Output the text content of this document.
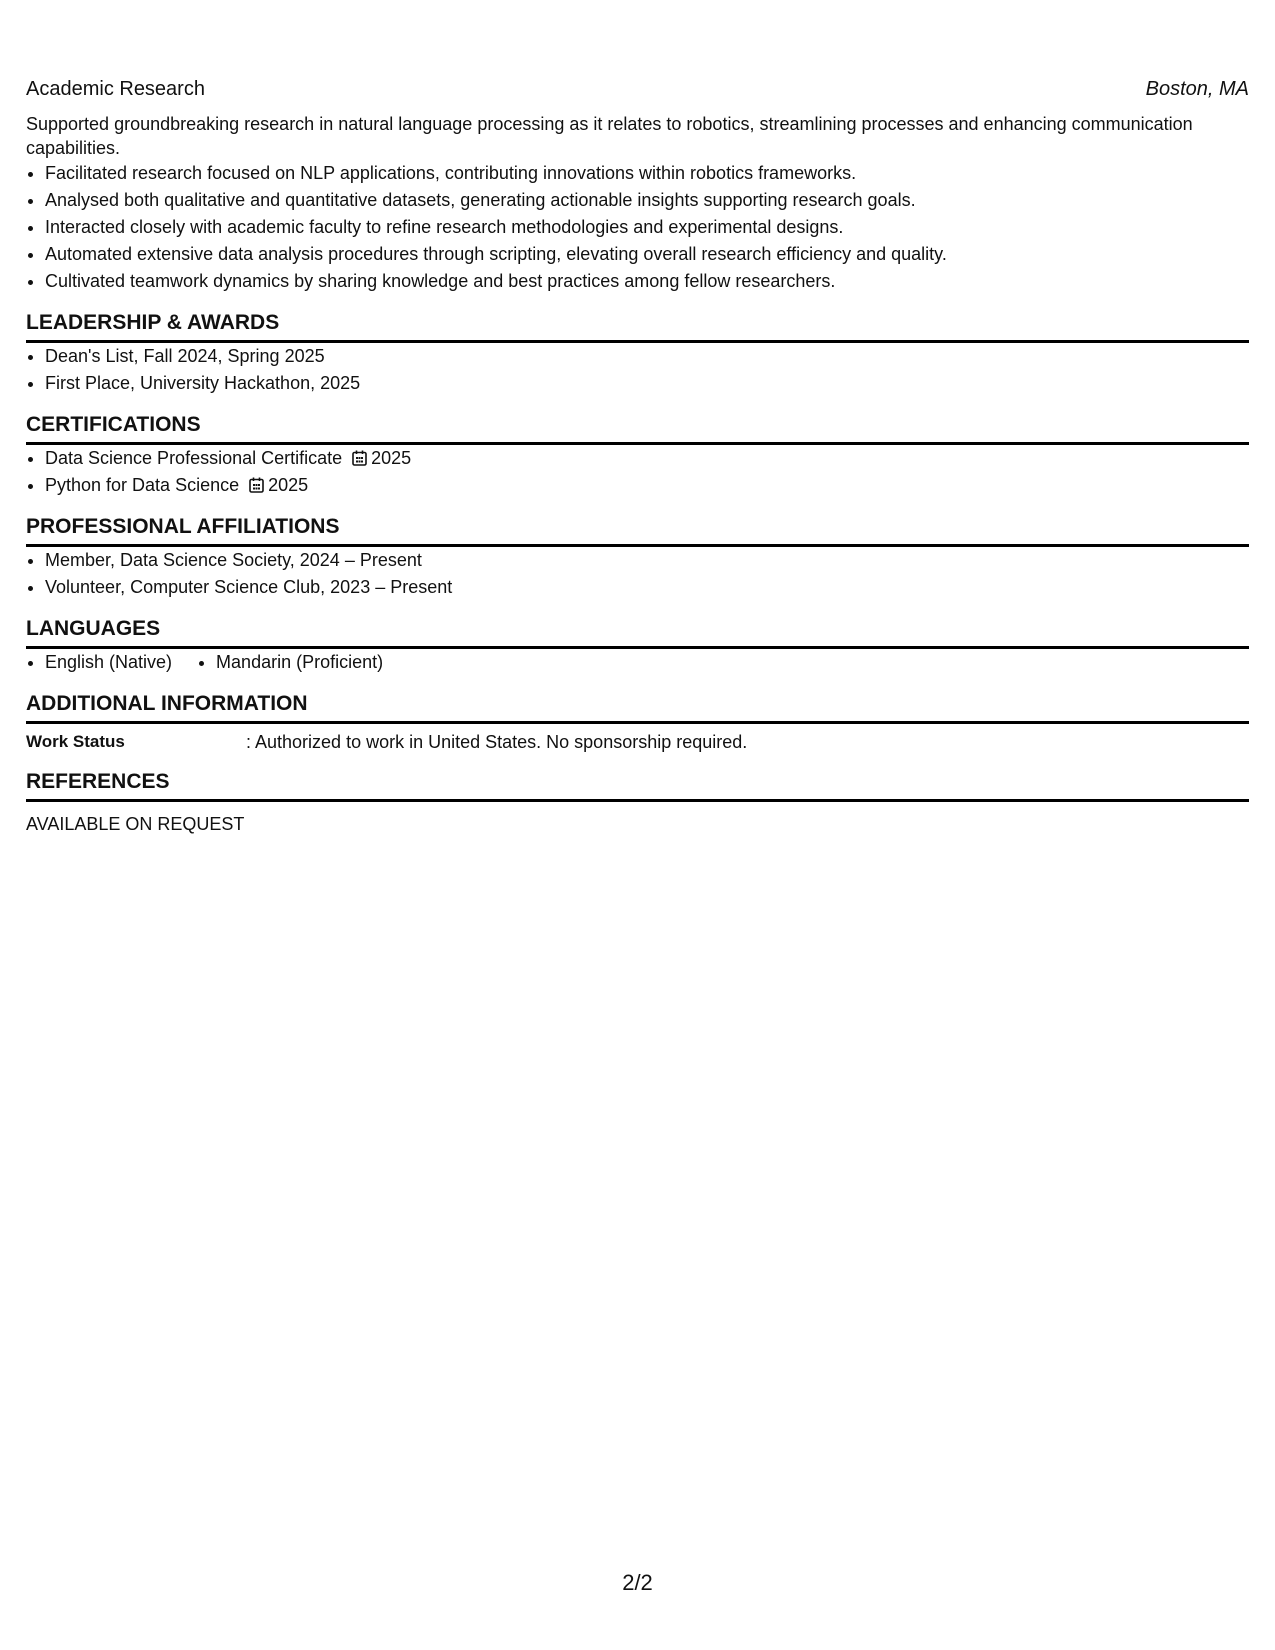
Academic Research	Boston, MA
Supported groundbreaking research in natural language processing as it relates to robotics, streamlining processes and enhancing communication capabilities.
• Facilitated research focused on NLP applications, contributing innovations within robotics frameworks.
• Analysed both qualitative and quantitative datasets, generating actionable insights supporting research goals.
• Interacted closely with academic faculty to refine research methodologies and experimental designs.
• Automated extensive data analysis procedures through scripting, elevating overall research efficiency and quality.
• Cultivated teamwork dynamics by sharing knowledge and best practices among fellow researchers.
LEADERSHIP & AWARDS
• Dean's List, Fall 2024, Spring 2025
• First Place, University Hackathon, 2025
CERTIFICATIONS
• Data Science Professional Certificate 2025
• Python for Data Science 2025
PROFESSIONAL AFFILIATIONS
• Member, Data Science Society, 2024 – Present
• Volunteer, Computer Science Club, 2023 – Present
LANGUAGES
• English (Native)
• Mandarin (Proficient)
ADDITIONAL INFORMATION
Work Status	: Authorized to work in United States. No sponsorship required.
REFERENCES
AVAILABLE ON REQUEST
2/2
